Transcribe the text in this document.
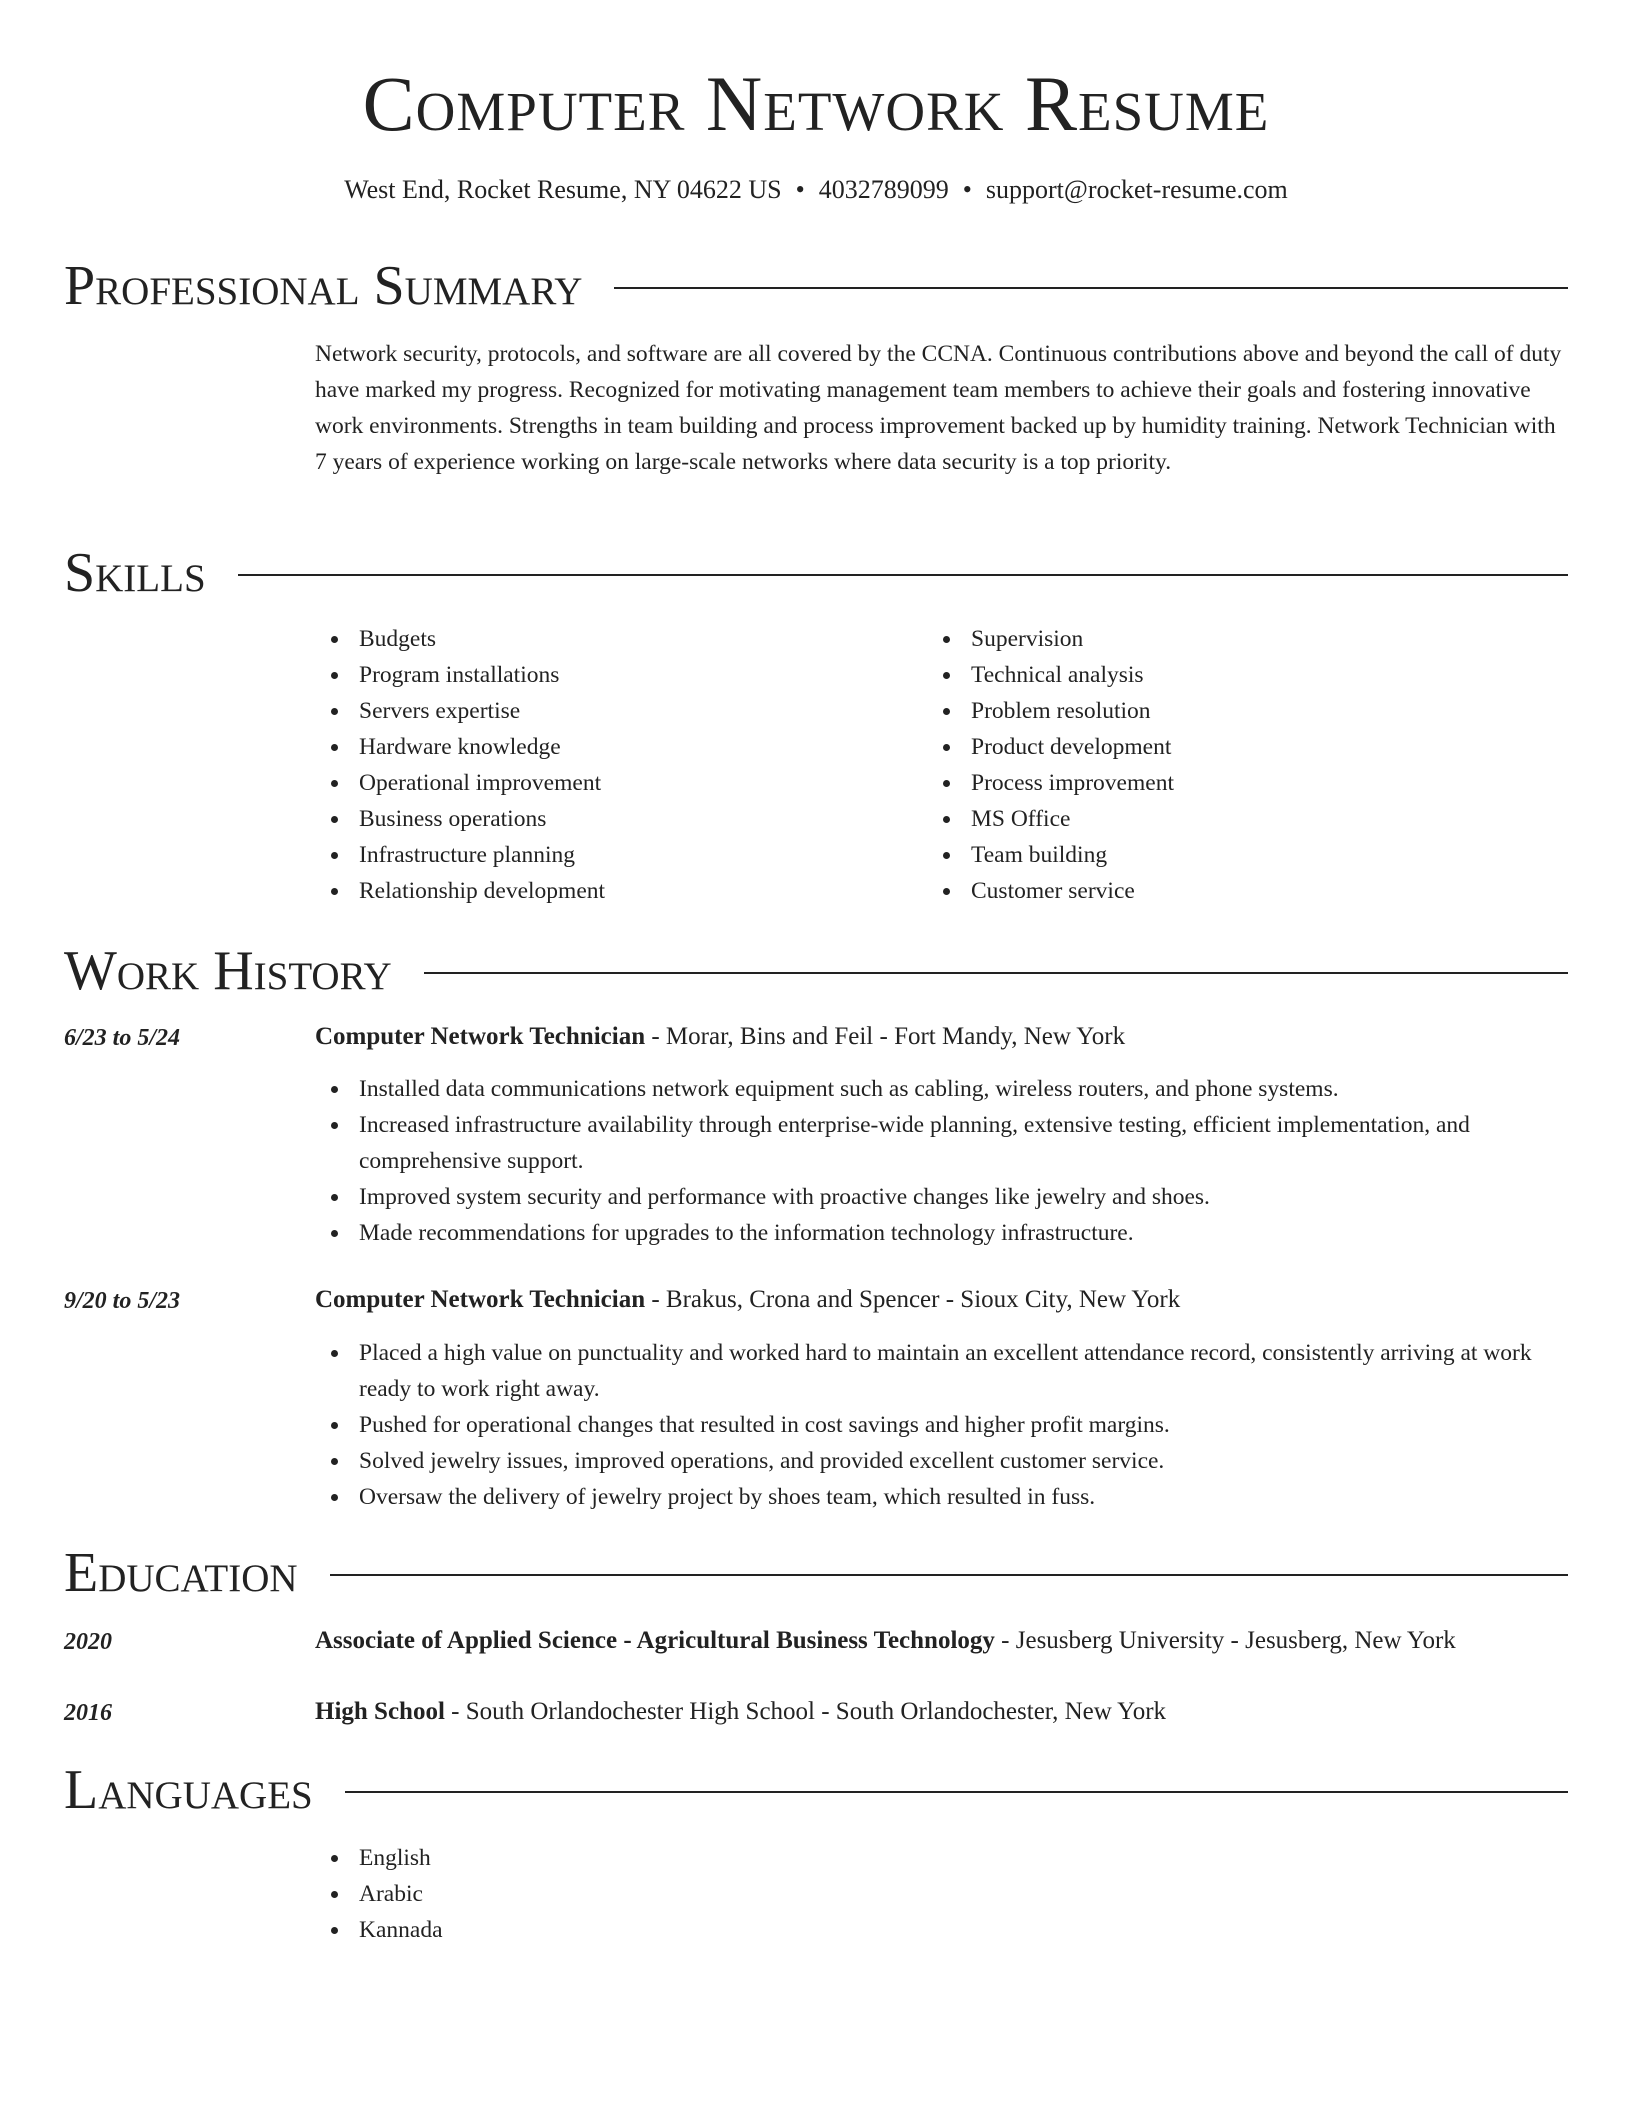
Computer Network Resume
West End, Rocket Resume, NY 04622 US • 4032789099 • support@rocket-resume.com
Professional Summary
Network security, protocols, and software are all covered by the CCNA. Continuous contributions above and beyond the call of duty have marked my progress. Recognized for motivating management team members to achieve their goals and fostering innovative work environments. Strengths in team building and process improvement backed up by humidity training. Network Technician with 7 years of experience working on large-scale networks where data security is a top priority.
Skills
Budgets
Program installations
Servers expertise
Hardware knowledge
Operational improvement
Business operations
Infrastructure planning
Relationship development
Supervision
Technical analysis
Problem resolution
Product development
Process improvement
MS Office
Team building
Customer service
Work History
6/23 to 5/24	Computer Network Technician - Morar, Bins and Feil - Fort Mandy, New York
Installed data communications network equipment such as cabling, wireless routers, and phone systems.
Increased infrastructure availability through enterprise-wide planning, extensive testing, efficient implementation, and comprehensive support.
Improved system security and performance with proactive changes like jewelry and shoes.
Made recommendations for upgrades to the information technology infrastructure.
9/20 to 5/23	Computer Network Technician - Brakus, Crona and Spencer - Sioux City, New York
Placed a high value on punctuality and worked hard to maintain an excellent attendance record, consistently arriving at work ready to work right away.
Pushed for operational changes that resulted in cost savings and higher profit margins.
Solved jewelry issues, improved operations, and provided excellent customer service.
Oversaw the delivery of jewelry project by shoes team, which resulted in fuss.
Education
2020	Associate of Applied Science - Agricultural Business Technology - Jesusberg University - Jesusberg, New York
2016	High School - South Orlandochester High School - South Orlandochester, New York
Languages
English
Arabic
Kannada
